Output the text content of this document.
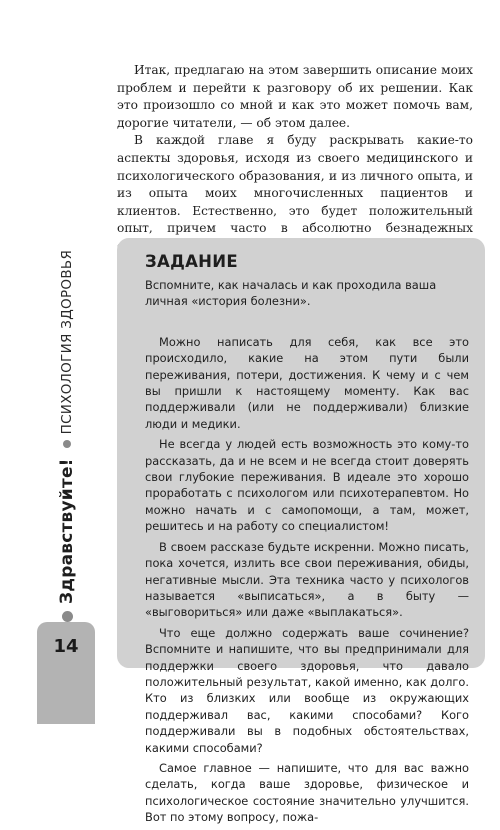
Итак, предлагаю на этом завершить описание моих проблем и перейти к разговору об их решении. Как это произошло со мной и как это может помочь вам, дорогие читатели, — об этом далее.

В каждой главе я буду раскрывать какие-то аспекты здоровья, исходя из своего медицинского и психологического образования, и из личного опыта, и из опыта моих многочисленных пациентов и клиентов. Естественно, это будет положительный опыт, причем часто в абсолютно безнадежных

Здравствуйте!
ПСИХОЛОГИЯ ЗДОРОВЬЯ
14
ЗАДАНИЕ
Вспомните, как началась и как проходила ваша личная «история болезни».

Можно написать для себя, как все это происходило, какие на этом пути были переживания, потери, достижения. К чему и с чем вы пришли к настоящему моменту. Как вас поддерживали (или не поддерживали) близкие люди и медики.

Не всегда у людей есть возможность это кому-то рассказать, да и не всем и не всегда стоит доверять свои глубокие переживания. В идеале это хорошо проработать с психологом или психотерапевтом. Но можно начать и с самопомощи, а там, может, решитесь и на работу со специалистом!

В своем рассказе будьте искренни. Можно писать, пока хочется, излить все свои переживания, обиды, негативные мысли. Эта техника часто у психологов называется «выписаться», а в быту — «выговориться» или даже «выплакаться».

Что еще должно содержать ваше сочинение? Вспомните и напишите, что вы предпринимали для поддержки своего здоровья, что давало положительный результат, какой именно, как долго. Кто из близких или вообще из окружающих поддерживал вас, какими способами? Кого поддерживали вы в подобных обстоятельствах, какими способами?

Самое главное — напишите, что для вас важно сделать, когда ваше здоровье, физическое и психологическое состояние значительно улучшится. Вот по этому вопросу, пожа-
